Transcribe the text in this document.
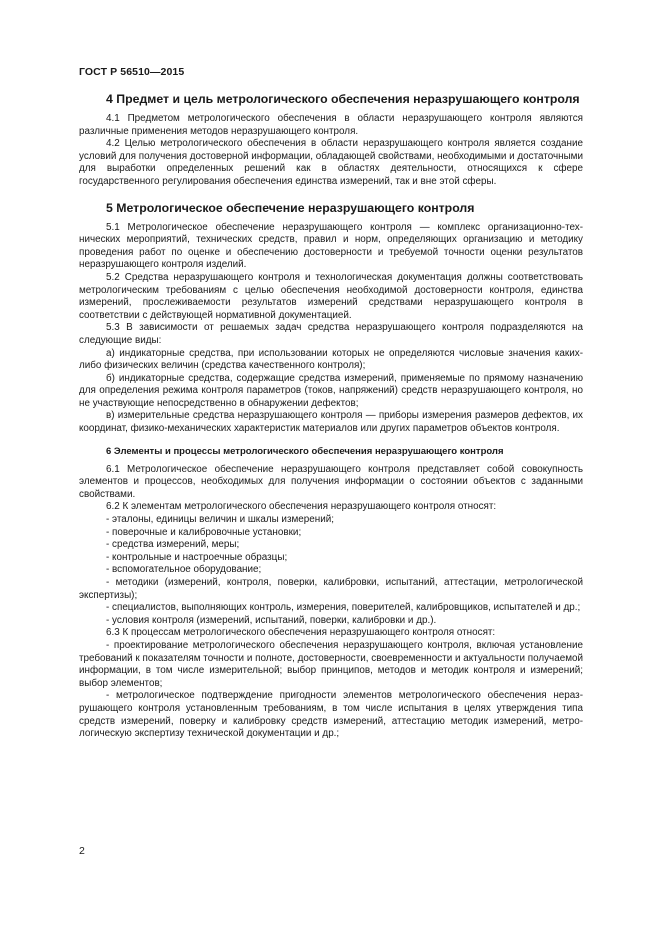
ГОСТ Р 56510—2015
4 Предмет и цель метрологического обеспечения неразрушающего контроля

4.1 Предметом метрологического обеспечения в области неразрушающего контроля являются различные применения методов неразрушающего контроля.

4.2 Целью метрологического обеспечения в области неразрушающего контроля является создание условий для получения достоверной информации, обладающей свойствами, необходимыми и достаточными для выработки определенных решений как в областях деятельности, относящихся к сфере государственного регулирования обеспечения единства измерений, так и вне этой сферы.

5 Метрологическое обеспечение неразрушающего контроля

5.1 Метрологическое обеспечение неразрушающего контроля — комплекс организационно-технических мероприятий, технических средств, правил и норм, определяющих организацию и методику проведения работ по оценке и обеспечению достоверности и требуемой точности оценки результатов неразрушающего контроля изделий.

5.2 Средства неразрушающего контроля и технологическая документация должны соответствовать метрологическим требованиям с целью обеспечения необходимой достоверности контроля, единства измерений, прослеживаемости результатов измерений средствами неразрушающего контроля в соответствии с действующей нормативной документацией.

5.3 В зависимости от решаемых задач средства неразрушающего контроля подразделяются на следующие виды:

а) индикаторные средства, при использовании которых не определяются числовые значения каких-либо физических величин (средства качественного контроля);

б) индикаторные средства, содержащие средства измерений, применяемые по прямому назначению для определения режима контроля параметров (токов, напряжений) средств неразрушающего контроля, но не участвующие непосредственно в обнаружении дефектов;

в) измерительные средства неразрушающего контроля — приборы измерения размеров дефектов, их координат, физико-механических характеристик материалов или других параметров объектов контроля.

6 Элементы и процессы метрологического обеспечения неразрушающего контроля

6.1 Метрологическое обеспечение неразрушающего контроля представляет собой совокупность элементов и процессов, необходимых для получения информации о состоянии объектов с заданными свойствами.

6.2 К элементам метрологического обеспечения неразрушающего контроля относят:

- эталоны, единицы величин и шкалы измерений;

- поверочные и калибровочные установки;

- средства измерений, меры;

- контрольные и настроечные образцы;

- вспомогательное оборудование;

- методики (измерений, контроля, поверки, калибровки, испытаний, аттестации, метрологической экспертизы);

- специалистов, выполняющих контроль, измерения, поверителей, калибровщиков, испытателей и др.;

- условия контроля (измерений, испытаний, поверки, калибровки и др.).

6.3 К процессам метрологического обеспечения неразрушающего контроля относят:

- проектирование метрологического обеспечения неразрушающего контроля, включая установление требований к показателям точности и полноте, достоверности, своевременности и актуальности получаемой информации, в том числе измерительной; выбор принципов, методов и методик контроля и измерений; выбор элементов;

- метрологическое подтверждение пригодности элементов метрологического обеспечения неразрушающего контроля установленным требованиям, в том числе испытания в целях утверждения типа средств измерений, поверку и калибровку средств измерений, аттестацию методик измерений, метрологическую экспертизу технической документации и др.;

2
